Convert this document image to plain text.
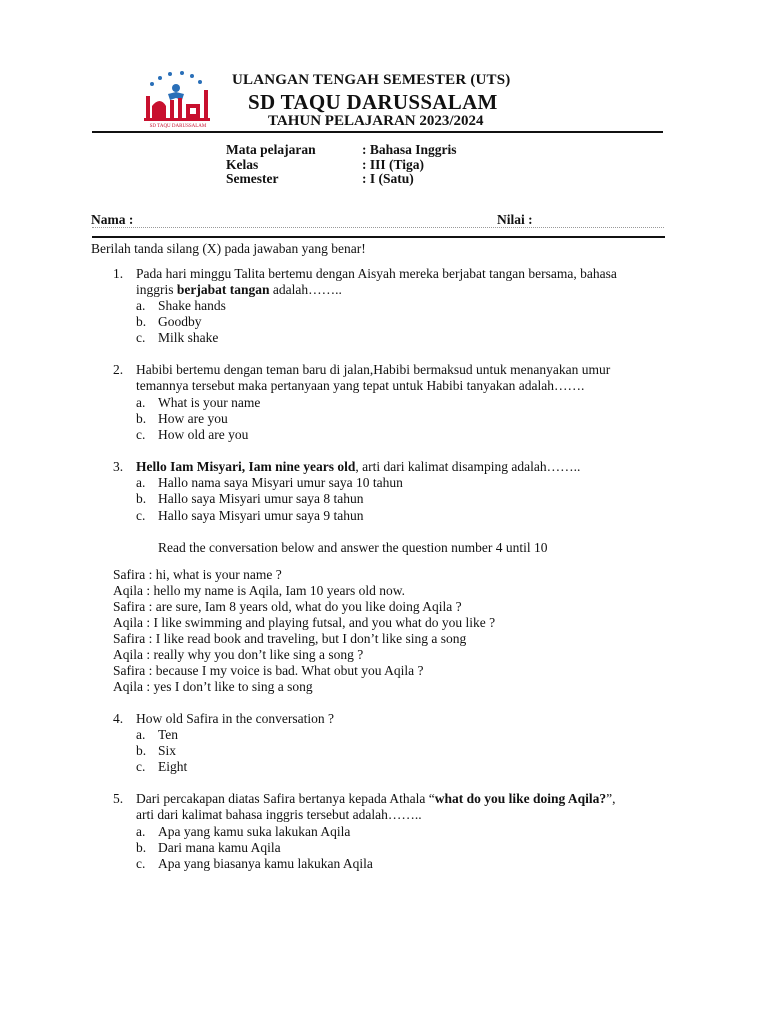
SD TAQU DARUSSALAM
ULANGAN TENGAH SEMESTER (UTS)
SD TAQU DARUSSALAM
TAHUN PELAJARAN 2023/2024
Mata pelajaran	: Bahasa Inggris
Kelas	: III (Tiga)
Semester	: I (Satu)
Nama :	Nilai :
Berilah tanda silang (X) pada jawaban yang benar!
1. Pada hari minggu Talita bertemu dengan Aisyah mereka berjabat tangan bersama, bahasa
inggris berjabat tangan adalah……..
a. Shake hands
b. Goodby
c. Milk shake
2. Habibi bertemu dengan teman baru di jalan,Habibi bermaksud untuk menanyakan umur
temannya tersebut maka pertanyaan yang tepat untuk Habibi tanyakan adalah…….
a. What is your name
b. How are you
c. How old are you
3. Hello Iam Misyari, Iam nine years old, arti dari kalimat disamping adalah……..
a. Hallo nama saya Misyari umur saya 10 tahun
b. Hallo saya Misyari umur saya 8 tahun
c. Hallo saya Misyari umur saya 9 tahun
Read the conversation below and answer the question number 4 until 10
Safira : hi, what is your name ?
Aqila : hello my name is Aqila, Iam 10 years old now.
Safira : are sure, Iam 8 years old, what do you like doing Aqila ?
Aqila : I like swimming and playing futsal, and you what do you like ?
Safira : I like read book and traveling, but I don’t like sing a song
Aqila : really why you don’t like sing a song ?
Safira : because I my voice is bad. What obut you Aqila ?
Aqila : yes I don’t like to sing a song
4. How old Safira in the conversation ?
a. Ten
b. Six
c. Eight
5. Dari percakapan diatas Safira bertanya kepada Athala “what do you like doing Aqila?”,
arti dari kalimat bahasa inggris tersebut adalah……..
a. Apa yang kamu suka lakukan Aqila
b. Dari mana kamu Aqila
c. Apa yang biasanya kamu lakukan Aqila
